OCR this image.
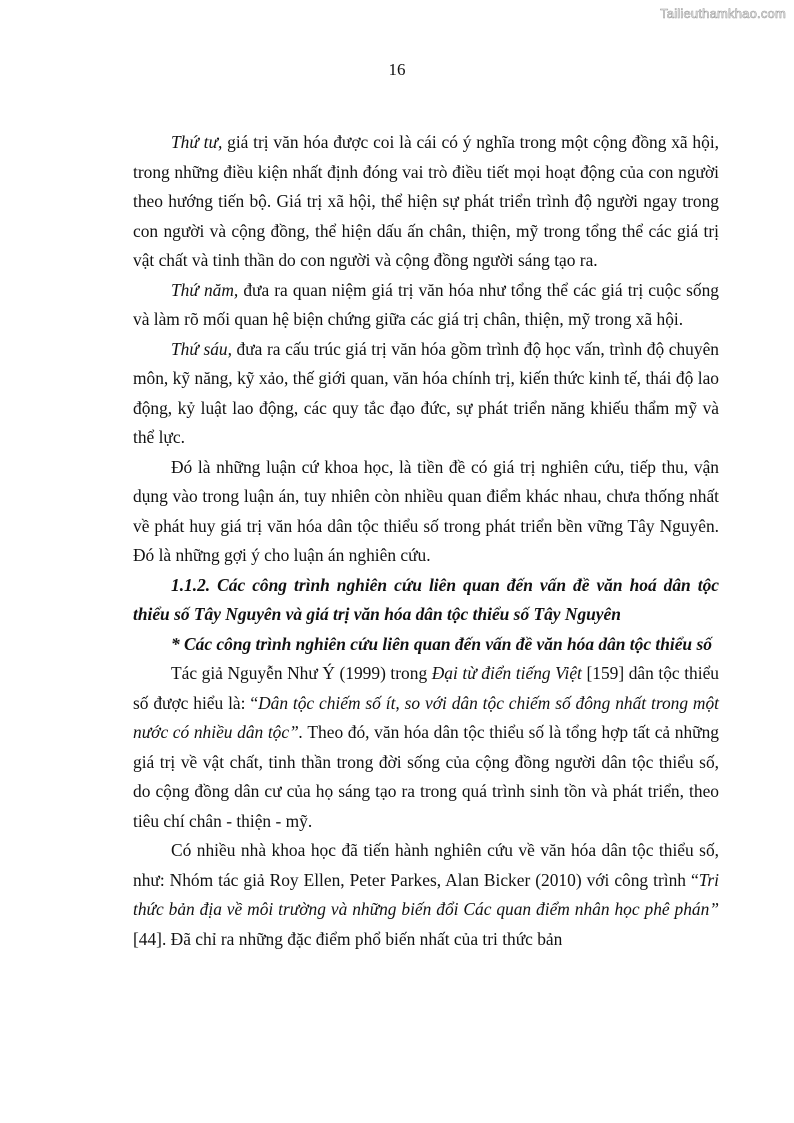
Tailieuthamkhao.com
16

Thứ tư, giá trị văn hóa được coi là cái có ý nghĩa trong một cộng đồng xã hội, trong những điều kiện nhất định đóng vai trò điều tiết mọi hoạt động của con người theo hướng tiến bộ. Giá trị xã hội, thể hiện sự phát triển trình độ người ngay trong con người và cộng đồng, thể hiện dấu ấn chân, thiện, mỹ trong tổng thể các giá trị vật chất và tinh thần do con người và cộng đồng người sáng tạo ra.

Thứ năm, đưa ra quan niệm giá trị văn hóa như tổng thể các giá trị cuộc sống và làm rõ mối quan hệ biện chứng giữa các giá trị chân, thiện, mỹ trong xã hội.

Thứ sáu, đưa ra cấu trúc giá trị văn hóa gồm trình độ học vấn, trình độ chuyên môn, kỹ năng, kỹ xảo, thế giới quan, văn hóa chính trị, kiến thức kinh tế, thái độ lao động, kỷ luật lao động, các quy tắc đạo đức, sự phát triển năng khiếu thẩm mỹ và thể lực.

Đó là những luận cứ khoa học, là tiền đề có giá trị nghiên cứu, tiếp thu, vận dụng vào trong luận án, tuy nhiên còn nhiều quan điểm khác nhau, chưa thống nhất về phát huy giá trị văn hóa dân tộc thiểu số trong phát triển bền vững Tây Nguyên. Đó là những gợi ý cho luận án nghiên cứu.

1.1.2. Các công trình nghiên cứu liên quan đến vấn đề văn hoá dân tộc thiểu số Tây Nguyên và giá trị văn hóa dân tộc thiểu số Tây Nguyên

* Các công trình nghiên cứu liên quan đến vấn đề văn hóa dân tộc thiểu số

Tác giả Nguyễn Như Ý (1999) trong Đại từ điển tiếng Việt [159] dân tộc thiểu số được hiểu là: “Dân tộc chiếm số ít, so với dân tộc chiếm số đông nhất trong một nước có nhiều dân tộc”. Theo đó, văn hóa dân tộc thiểu số là tổng hợp tất cả những giá trị về vật chất, tinh thần trong đời sống của cộng đồng người dân tộc thiểu số, do cộng đồng dân cư của họ sáng tạo ra trong quá trình sinh tồn và phát triển, theo tiêu chí chân - thiện - mỹ.

Có nhiều nhà khoa học đã tiến hành nghiên cứu về văn hóa dân tộc thiểu số, như: Nhóm tác giả Roy Ellen, Peter Parkes, Alan Bicker (2010) với công trình “Tri thức bản địa về môi trường và những biến đổi Các quan điểm nhân học phê phán” [44]. Đã chỉ ra những đặc điểm phổ biến nhất của tri thức bản
